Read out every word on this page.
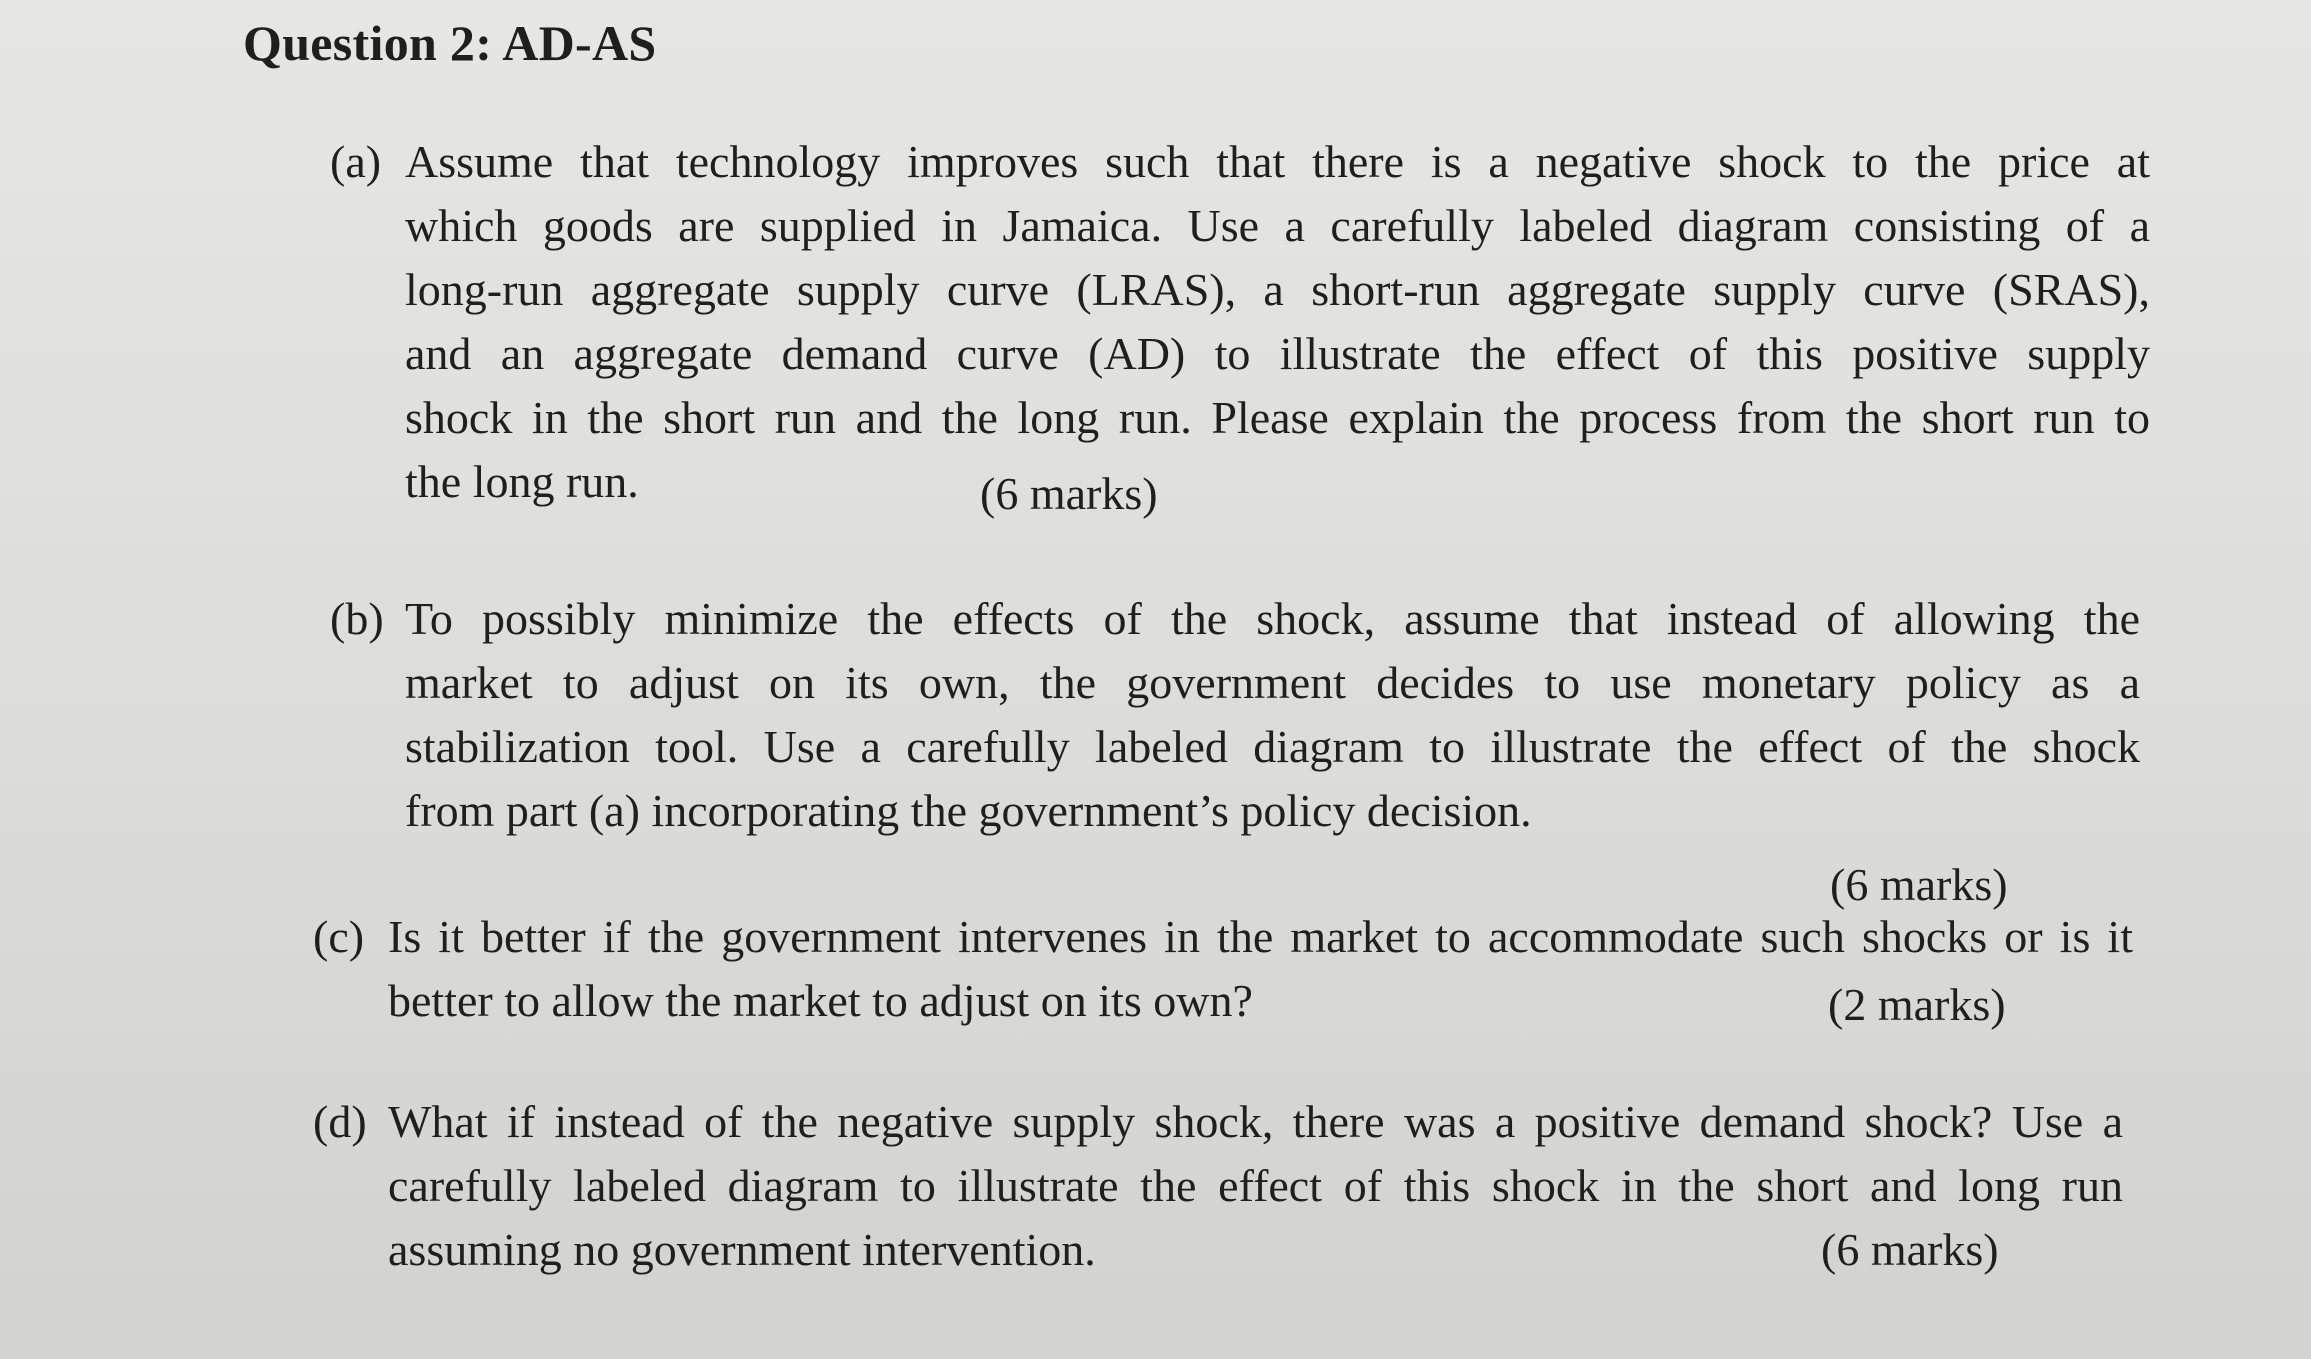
Question 2: AD-AS
(a) Assume that technology improves such that there is a negative shock to the price at
which goods are supplied in Jamaica. Use a carefully labeled diagram consisting of a
long-run aggregate supply curve (LRAS), a short-run aggregate supply curve (SRAS),
and an aggregate demand curve (AD) to illustrate the effect of this positive supply
shock in the short run and the long run. Please explain the process from the short run to
the long run.	(6 marks)
(b) To possibly minimize the effects of the shock, assume that instead of allowing the
market to adjust on its own, the government decides to use monetary policy as a
stabilization tool. Use a carefully labeled diagram to illustrate the effect of the shock
from part (a) incorporating the government’s policy decision.
(6 marks)
(c) Is it better if the government intervenes in the market to accommodate such shocks or is it
better to allow the market to adjust on its own?	(2 marks)
(d) What if instead of the negative supply shock, there was a positive demand shock? Use a
carefully labeled diagram to illustrate the effect of this shock in the short and long run
assuming no government intervention.	(6 marks)
